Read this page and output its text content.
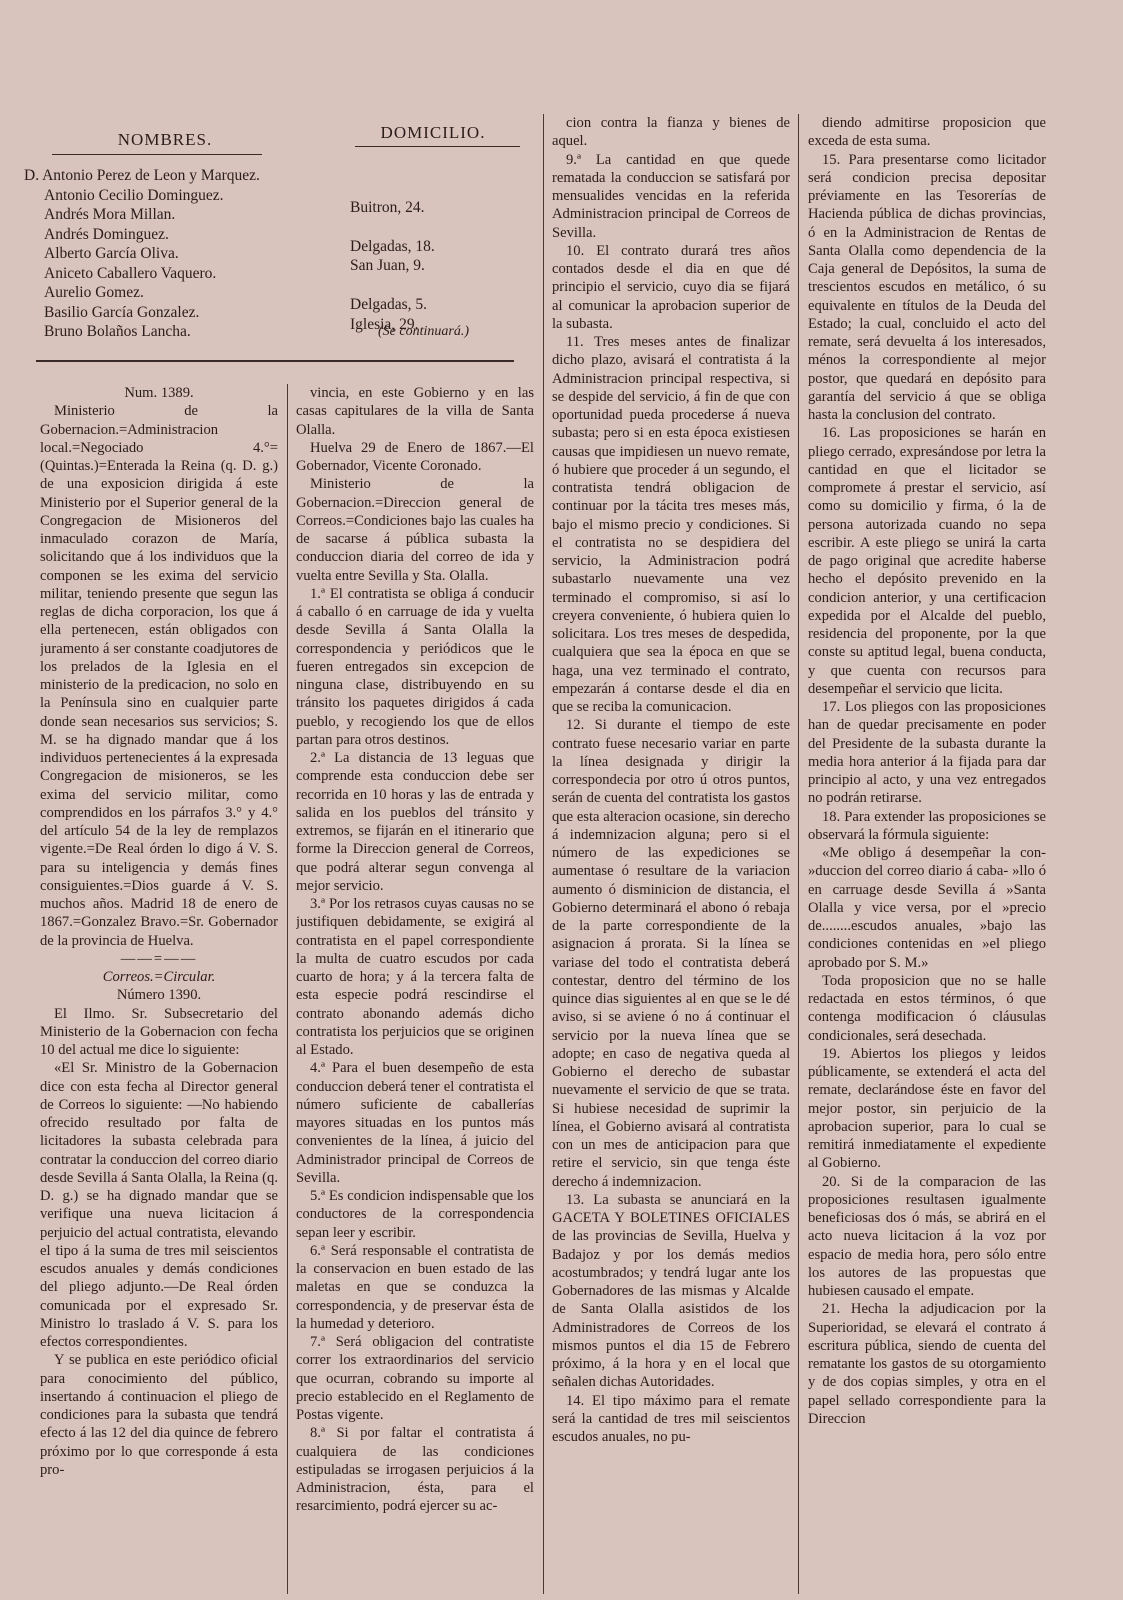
NOMBRES.	DOMICILIO.
D. Antonio Perez de Leon y Marquez.
Antonio Cecilio Dominguez.
Andrés Mora Millan.
Andrés Dominguez.
Alberto García Oliva.
Aniceto Caballero Vaquero.
Aurelio Gomez.
Basilio García Gonzalez.
Bruno Bolaños Lancha.
Buitron, 24.
Delgadas, 18.
San Juan, 9.
Delgadas, 5.
Iglesia, 29.
(Se continuará.)

Num. 1389.

Ministerio de la Gobernacion.=Administracion local.=Negociado 4.°=(Quintas.)=Enterada la Reina (q. D. g.) de una exposicion dirigida á este Ministerio por el Superior general de la Congregacion de Misioneros del inmaculado corazon de María, solicitando que á los individuos que la componen se les exima del servicio militar, teniendo presente que segun las reglas de dicha corporacion, los que á ella pertenecen, están obligados con juramento á ser constante coadjutores de los prelados de la Iglesia en el ministerio de la predicacion, no solo en la Península sino en cualquier parte donde sean necesarios sus servicios; S. M. se ha dignado mandar que á los individuos pertenecientes á la expresada Congregacion de misioneros, se les exima del servicio militar, como comprendidos en los párrafos 3.° y 4.° del artículo 54 de la ley de remplazos vigente.=De Real órden lo digo á V. S. para su inteligencia y demás fines consiguientes.=Dios guarde á V. S. muchos años. Madrid 18 de enero de 1867.=Gonzalez Bravo.=Sr. Gobernador de la provincia de Huelva.

——=——

Correos.=Circular.

Número 1390.

El Ilmo. Sr. Subsecretario del Ministerio de la Gobernacion con fecha 10 del actual me dice lo siguiente:

«El Sr. Ministro de la Gobernacion dice con esta fecha al Director general de Correos lo siguiente: —No habiendo ofrecido resultado por falta de licitadores la subasta celebrada para contratar la conduccion del correo diario desde Sevilla á Santa Olalla, la Reina (q. D. g.) se ha dignado mandar que se verifique una nueva licitacion á perjuicio del actual contratista, elevando el tipo á la suma de tres mil seiscientos escudos anuales y demás condiciones del pliego adjunto.—De Real órden comunicada por el expresado Sr. Ministro lo traslado á V. S. para los efectos correspondientes.

Y se publica en este periódico oficial para conocimiento del público, insertando á continuacion el pliego de condiciones para la subasta que tendrá efecto á las 12 del dia quince de febrero próximo por lo que corresponde á esta pro-

vincia, en este Gobierno y en las casas capitulares de la villa de Santa Olalla.

Huelva 29 de Enero de 1867.—El Gobernador, Vicente Coronado.

Ministerio de la Gobernacion.=Direccion general de Correos.=Condiciones bajo las cuales ha de sacarse á pública subasta la conduccion diaria del correo de ida y vuelta entre Sevilla y Sta. Olalla.

1.ª El contratista se obliga á conducir á caballo ó en carruage de ida y vuelta desde Sevilla á Santa Olalla la correspondencia y periódicos que le fueren entregados sin excepcion de ninguna clase, distribuyendo en su tránsito los paquetes dirigidos á cada pueblo, y recogiendo los que de ellos partan para otros destinos.

2.ª La distancia de 13 leguas que comprende esta conduccion debe ser recorrida en 10 horas y las de entrada y salida en los pueblos del tránsito y extremos, se fijarán en el itinerario que forme la Direccion general de Correos, que podrá alterar segun convenga al mejor servicio.

3.ª Por los retrasos cuyas causas no se justifiquen debidamente, se exigirá al contratista en el papel correspondiente la multa de cuatro escudos por cada cuarto de hora; y á la tercera falta de esta especie podrá rescindirse el contrato abonando además dicho contratista los perjuicios que se originen al Estado.

4.ª Para el buen desempeño de esta conduccion deberá tener el contratista el número suficiente de caballerías mayores situadas en los puntos más convenientes de la línea, á juicio del Administrador principal de Correos de Sevilla.

5.ª Es condicion indispensable que los conductores de la correspondencia sepan leer y escribir.

6.ª Será responsable el contratista de la conservacion en buen estado de las maletas en que se conduzca la correspondencia, y de preservar ésta de la humedad y deterioro.

7.ª Será obligacion del contratiste correr los extraordinarios del servicio que ocurran, cobrando su importe al precio establecido en el Reglamento de Postas vigente.

8.ª Si por faltar el contratista á cualquiera de las condiciones estipuladas se irrogasen perjuicios á la Administracion, ésta, para el resarcimiento, podrá ejercer su ac-

cion contra la fianza y bienes de aquel.

9.ª La cantidad en que quede rematada la conduccion se satisfará por mensualides vencidas en la referida Administracion principal de Correos de Sevilla.

10. El contrato durará tres años contados desde el dia en que dé principio el servicio, cuyo dia se fijará al comunicar la aprobacion superior de la subasta.

11. Tres meses antes de finalizar dicho plazo, avisará el contratista á la Administracion principal respectiva, si se despide del servicio, á fin de que con oportunidad pueda procederse á nueva subasta; pero si en esta época existiesen causas que impidiesen un nuevo remate, ó hubiere que proceder á un segundo, el contratista tendrá obligacion de continuar por la tácita tres meses más, bajo el mismo precio y condiciones. Si el contratista no se despidiera del servicio, la Administracion podrá subastarlo nuevamente una vez terminado el compromiso, si así lo creyera conveniente, ó hubiera quien lo solicitara. Los tres meses de despedida, cualquiera que sea la época en que se haga, una vez terminado el contrato, empezarán á contarse desde el dia en que se reciba la comunicacion.

12. Si durante el tiempo de este contrato fuese necesario variar en parte la línea designada y dirigir la correspondecia por otro ú otros puntos, serán de cuenta del contratista los gastos que esta alteracion ocasione, sin derecho á indemnizacion alguna; pero si el número de las expediciones se aumentase ó resultare de la variacion aumento ó disminicion de distancia, el Gobierno determinará el abono ó rebaja de la parte correspondiente de la asignacion á prorata. Si la línea se variase del todo el contratista deberá contestar, dentro del término de los quince dias siguientes al en que se le dé aviso, si se aviene ó no á continuar el servicio por la nueva línea que se adopte; en caso de negativa queda al Gobierno el derecho de subastar nuevamente el servicio de que se trata. Si hubiese necesidad de suprimir la línea, el Gobierno avisará al contratista con un mes de anticipacion para que retire el servicio, sin que tenga éste derecho á indemnizacion.

13. La subasta se anunciará en la GACETA Y BOLETINES OFICIALES de las provincias de Sevilla, Huelva y Badajoz y por los demás medios acostumbrados; y tendrá lugar ante los Gobernadores de las mismas y Alcalde de Santa Olalla asistidos de los Administradores de Correos de los mismos puntos el dia 15 de Febrero próximo, á la hora y en el local que señalen dichas Autoridades.

14. El tipo máximo para el remate será la cantidad de tres mil seiscientos escudos anuales, no pu-

diendo admitirse proposicion que exceda de esta suma.

15. Para presentarse como licitador será condicion precisa depositar préviamente en las Tesorerías de Hacienda pública de dichas provincias, ó en la Administracion de Rentas de Santa Olalla como dependencia de la Caja general de Depósitos, la suma de trescientos escudos en metálico, ó su equivalente en títulos de la Deuda del Estado; la cual, concluido el acto del remate, será devuelta á los interesados, ménos la correspondiente al mejor postor, que quedará en depósito para garantía del servicio á que se obliga hasta la conclusion del contrato.

16. Las proposiciones se harán en pliego cerrado, expresándose por letra la cantidad en que el licitador se compromete á prestar el servicio, así como su domicilio y firma, ó la de persona autorizada cuando no sepa escribir. A este pliego se unirá la carta de pago original que acredite haberse hecho el depósito prevenido en la condicion anterior, y una certificacion expedida por el Alcalde del pueblo, residencia del proponente, por la que conste su aptitud legal, buena conducta, y que cuenta con recursos para desempeñar el servicio que licita.

17. Los pliegos con las proposiciones han de quedar precisamente en poder del Presidente de la subasta durante la media hora anterior á la fijada para dar principio al acto, y una vez entregados no podrán retirarse.

18. Para extender las proposiciones se observará la fórmula siguiente:

«Me obligo á desempeñar la con- »duccion del correo diario á caba- »llo ó en carruage desde Sevilla á »Santa Olalla y vice versa, por el »precio de........escudos anuales, »bajo las condiciones contenidas en »el pliego aprobado por S. M.»

Toda proposicion que no se halle redactada en estos términos, ó que contenga modificacion ó cláusulas condicionales, será desechada.

19. Abiertos los pliegos y leidos públicamente, se extenderá el acta del remate, declarándose éste en favor del mejor postor, sin perjuicio de la aprobacion superior, para lo cual se remitirá inmediatamente el expediente al Gobierno.

20. Si de la comparacion de las proposiciones resultasen igualmente beneficiosas dos ó más, se abrirá en el acto nueva licitacion á la voz por espacio de media hora, pero sólo entre los autores de las propuestas que hubiesen causado el empate.

21. Hecha la adjudicacion por la Superioridad, se elevará el contrato á escritura pública, siendo de cuenta del rematante los gastos de su otorgamiento y de dos copias simples, y otra en el papel sellado correspondiente para la Direccion
